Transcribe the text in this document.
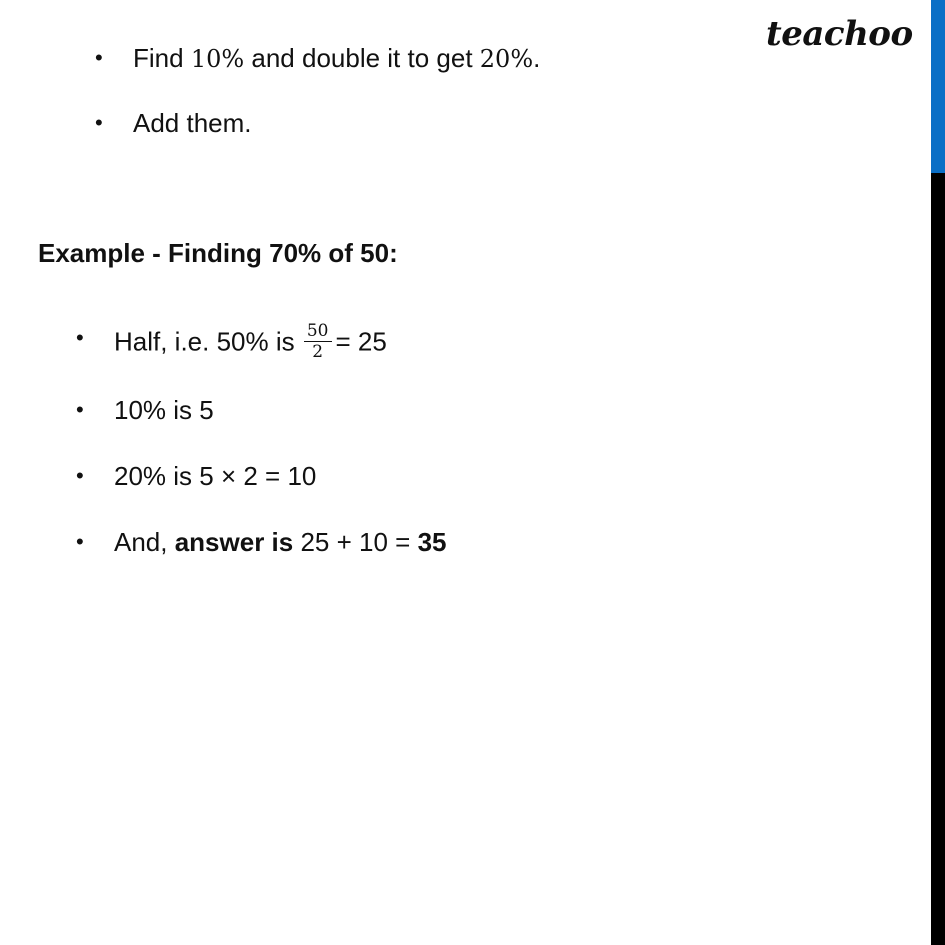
teachoo
• Find 10% and double it to get 20%.
• Add them.
Example - Finding 70% of 50:
• Half, i.e. 50% is $\frac{50}{2} = 25$
• 10% is 5
• 20% is 5 × 2 = 10
• And, answer is 25 + 10 = 35
